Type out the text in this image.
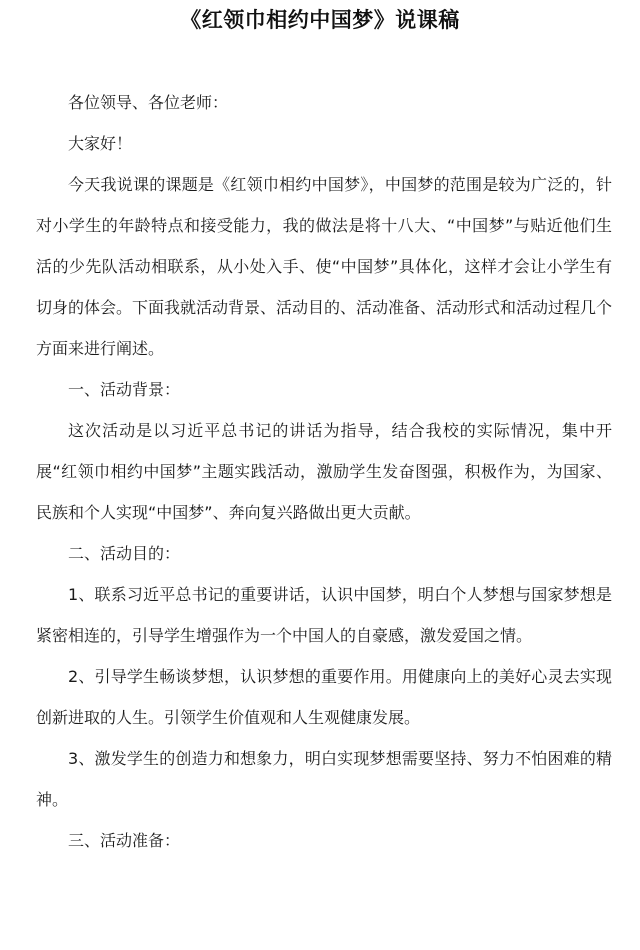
《红领巾相约中国梦》说课稿

各位领导、各位老师：

大家好！

今天我说课的课题是《红领巾相约中国梦》，中国梦的范围是较为广泛的，针对小学生的年龄特点和接受能力，我的做法是将十八大、“中国梦”与贴近他们生活的少先队活动相联系，从小处入手、使“中国梦”具体化，这样才会让小学生有切身的体会。下面我就活动背景、活动目的、活动准备、活动形式和活动过程几个方面来进行阐述。

一、活动背景：

这次活动是以习近平总书记的讲话为指导，结合我校的实际情况，集中开展“红领巾相约中国梦”主题实践活动，激励学生发奋图强，积极作为，为国家、民族和个人实现“中国梦”、奔向复兴路做出更大贡献。

二、活动目的：

1、联系习近平总书记的重要讲话，认识中国梦，明白个人梦想与国家梦想是紧密相连的，引导学生增强作为一个中国人的自豪感，激发爱国之情。

2、引导学生畅谈梦想，认识梦想的重要作用。用健康向上的美好心灵去实现创新进取的人生。引领学生价值观和人生观健康发展。

3、激发学生的创造力和想象力，明白实现梦想需要坚持、努力不怕困难的精神。

三、活动准备：
